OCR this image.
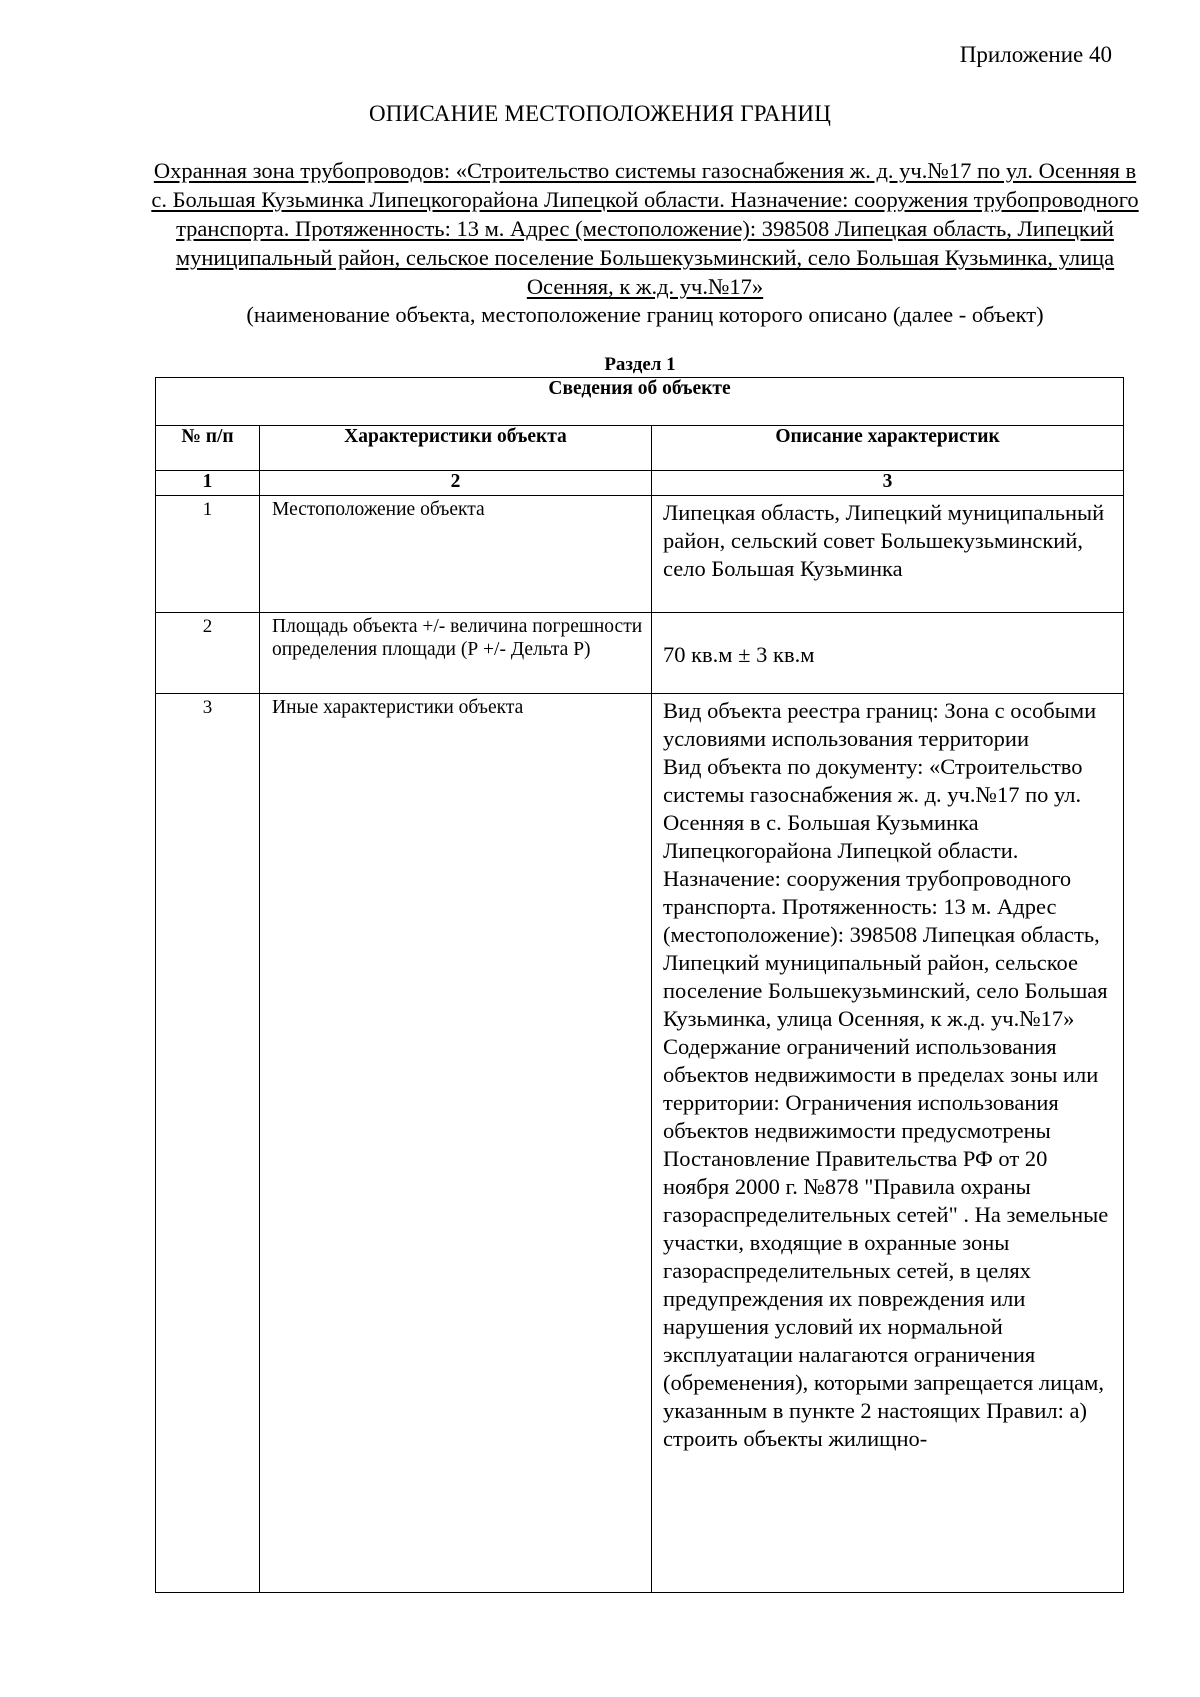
Приложение 40
ОПИСАНИЕ МЕСТОПОЛОЖЕНИЯ ГРАНИЦ
Охранная зона трубопроводов: «Строительство системы газоснабжения ж. д. уч.№17 по ул. Осенняя в с. Большая Кузьминка Липецкогорайона Липецкой области. Назначение: сооружения трубопроводного транспорта. Протяженность: 13 м. Адрес (местоположение): 398508 Липецкая область, Липецкий муниципальный район, сельское поселение Большекузьминский, село Большая Кузьминка, улица Осенняя, к ж.д. уч.№17»
(наименование объекта, местоположение границ которого описано (далее - объект)
Раздел 1
Сведения об объекте		
№ п/п	Характеристики объекта	Описание характеристик
1	2	3
1	Местоположение объекта	Липецкая область, Липецкий муниципальный район, сельский совет Большекузьминский, село Большая Кузьминка

2	Площадь объекта +/- величина погрешности определения площади (Р +/- Дельта Р)	70 кв.м ± 3 кв.м

3	Иные характеристики объекта	Вид объекта реестра границ: Зона с особыми условиями использования территории
Вид объекта по документу: «Строительство системы газоснабжения ж. д. уч.№17 по ул. Осенняя в с. Большая Кузьминка Липецкогорайона Липецкой области. Назначение: сооружения трубопроводного транспорта. Протяженность: 13 м. Адрес (местоположение): 398508 Липецкая область, Липецкий муниципальный район, сельское поселение Большекузьминский, село Большая Кузьминка, улица Осенняя, к ж.д. уч.№17»
Содержание ограничений использования объектов недвижимости в пределах зоны или территории: Ограничения использования объектов недвижимости предусмотрены Постановление Правительства РФ от 20 ноября 2000 г. №878 "Правила охраны газораспределительных сетей" . На земельные участки, входящие в охранные зоны газораспределительных сетей, в целях предупреждения их повреждения или нарушения условий их нормальной эксплуатации налагаются ограничения (обременения), которыми запрещается лицам, указанным в пункте 2 настоящих Правил: а) строить объекты жилищно-
